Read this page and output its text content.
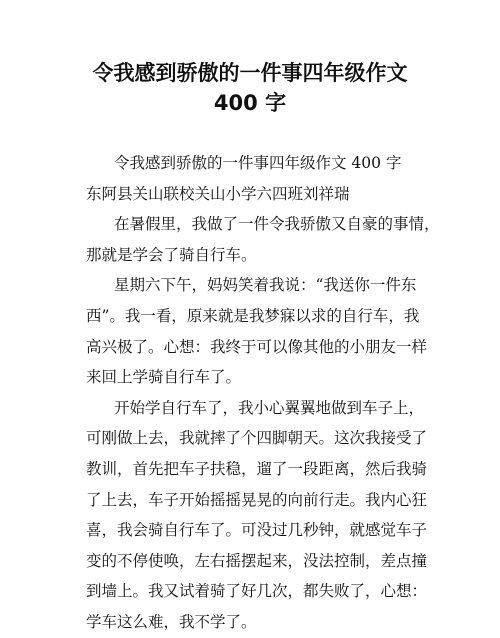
令我感到骄傲的一件事四年级作文
400 字
令我感到骄傲的一件事四年级作文 400 字
东阿县关山联校关山小学六四班刘祥瑞
在暑假里，我做了一件令我骄傲又自豪的事情，
那就是学会了骑自行车。
星期六下午，妈妈笑着我说：“我送你一件东
西”。我一看，原来就是我梦寐以求的自行车，我
高兴极了。心想：我终于可以像其他的小朋友一样
来回上学骑自行车了。
开始学自行车了，我小心翼翼地做到车子上，
可刚做上去，我就摔了个四脚朝天。这次我接受了
教训，首先把车子扶稳，遛了一段距离，然后我骑
了上去，车子开始摇摇晃晃的向前行走。我内心狂
喜，我会骑自行车了。可没过几秒钟，就感觉车子
变的不停使唤，左右摇摆起来，没法控制，差点撞
到墙上。我又试着骑了好几次，都失败了，心想：
学车这么难，我不学了。
